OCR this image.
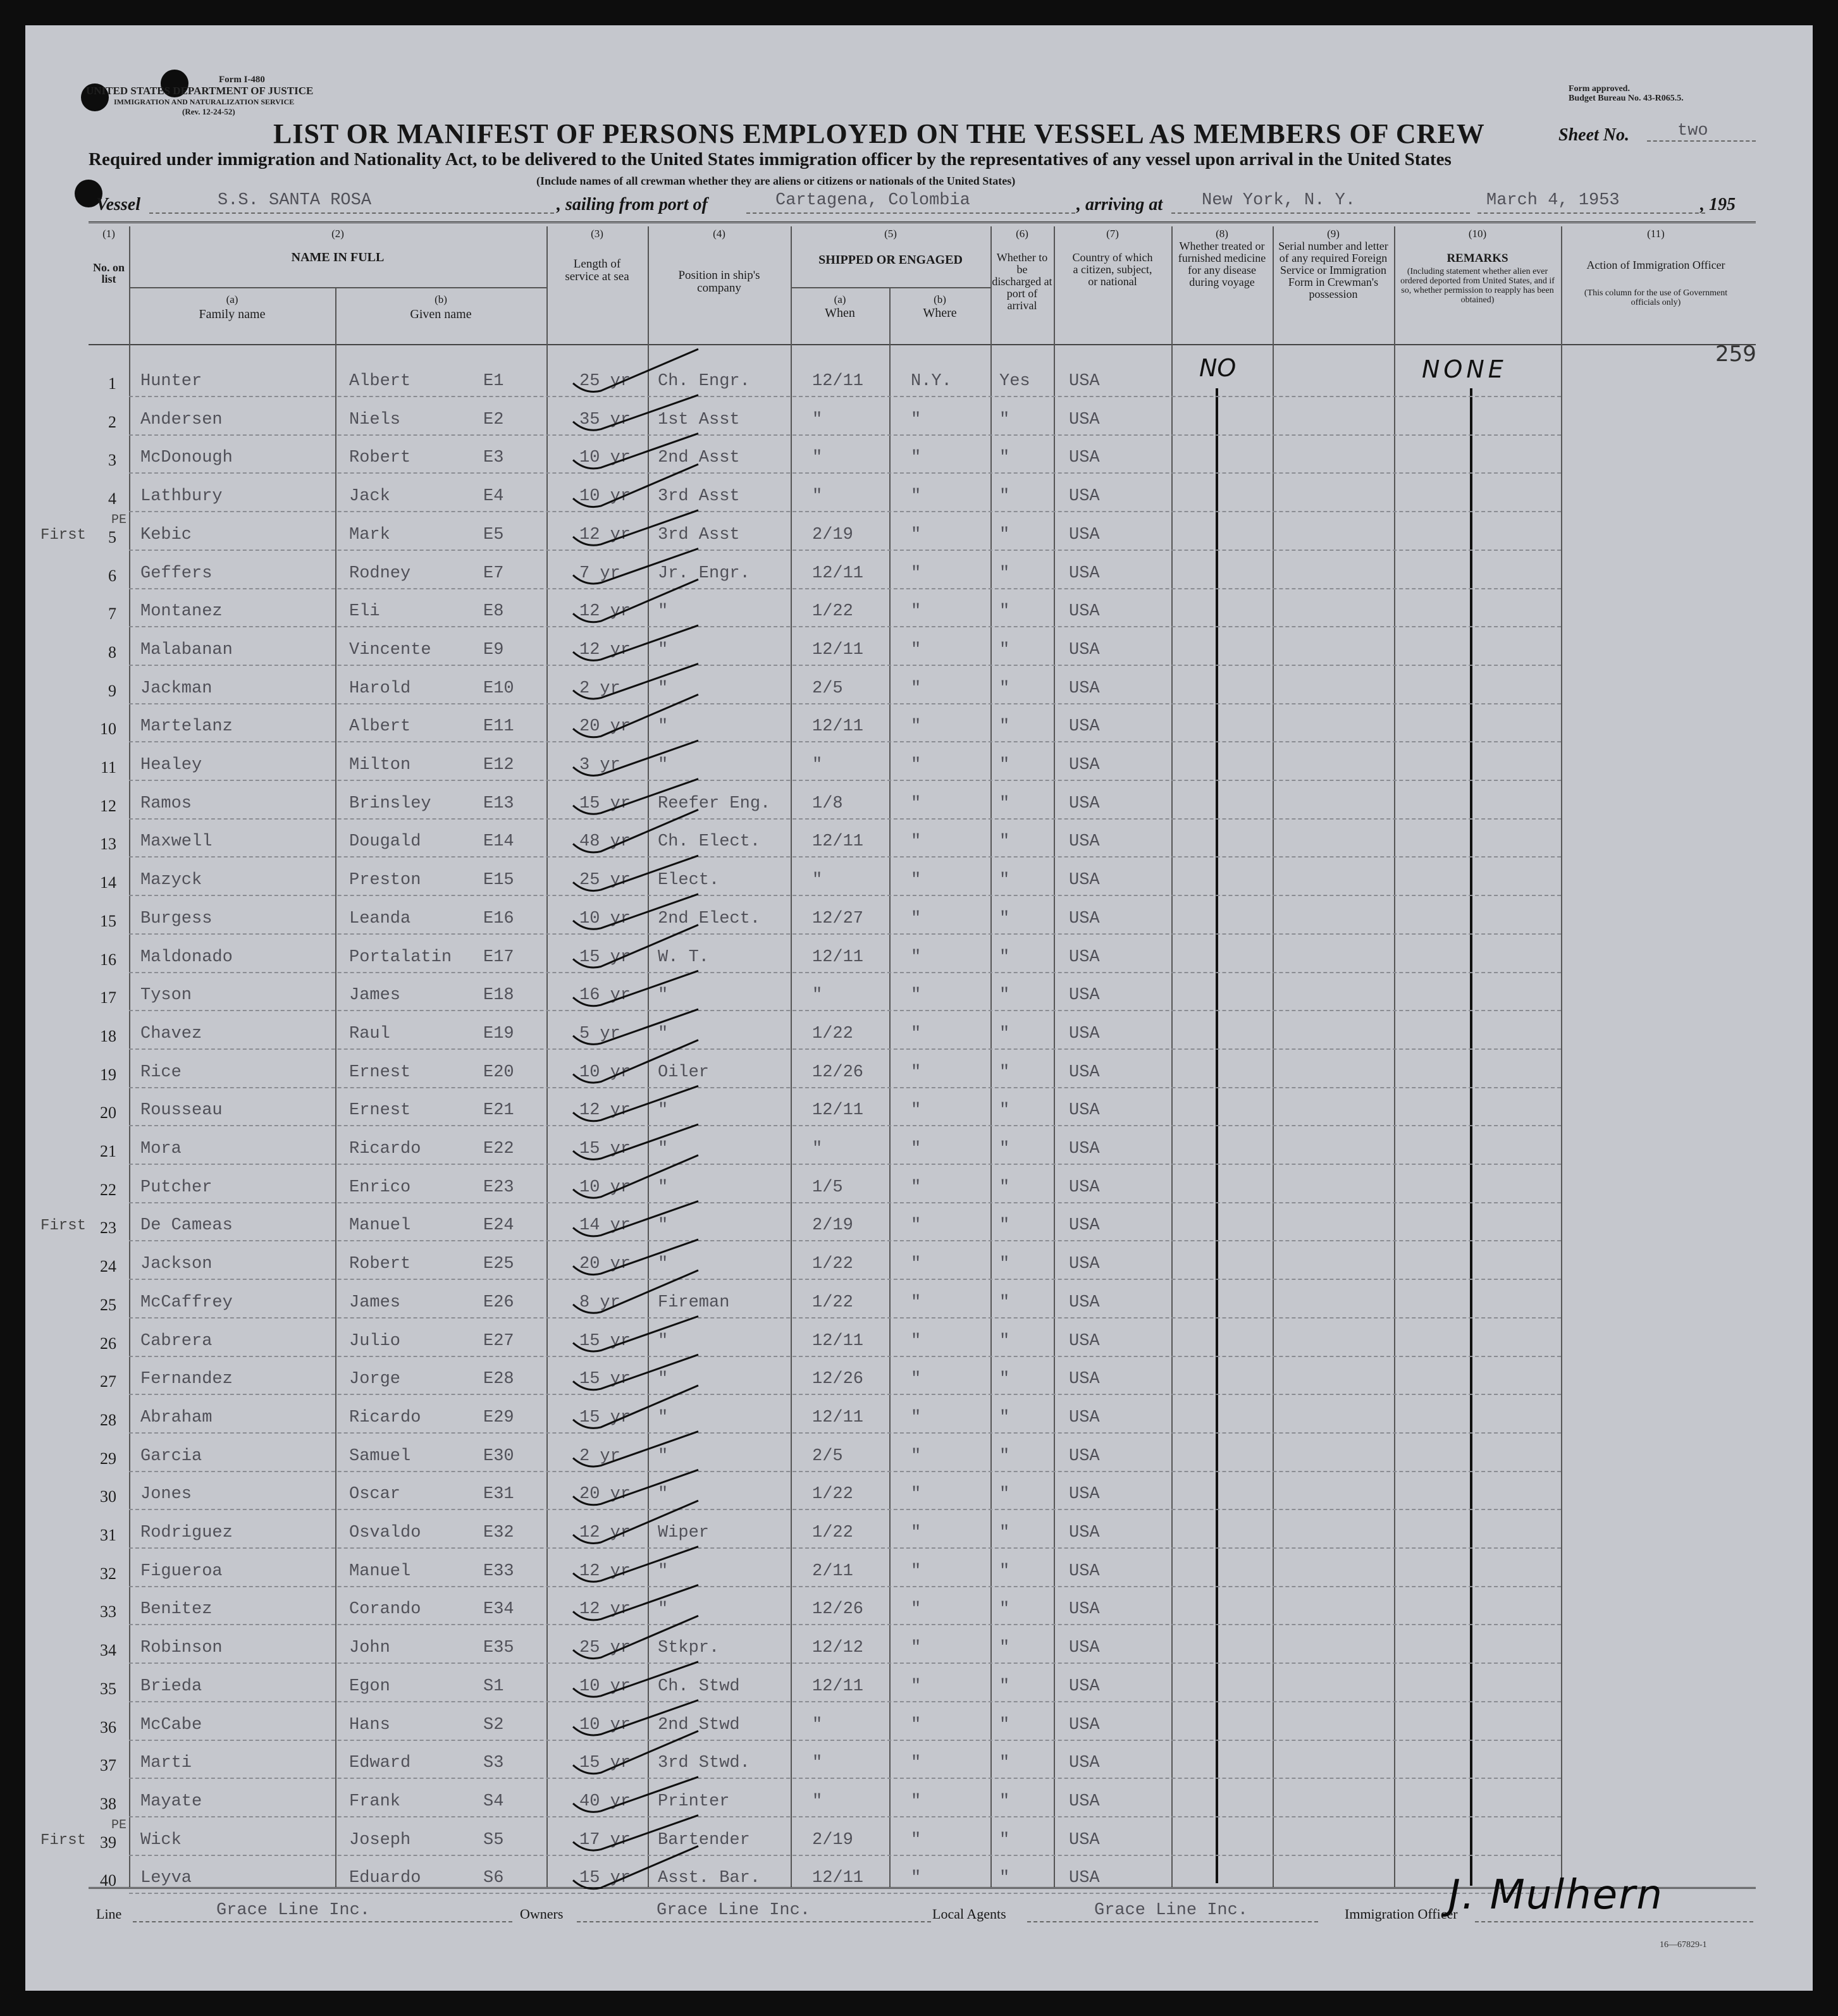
Form I-480
UNITED STATES DEPARTMENT OF JUSTICE
IMMIGRATION AND NATURALIZATION SERVICE
(Rev. 12-24-52)
Form approved.
Budget Bureau No. 43-R065.5.
LIST OR MANIFEST OF PERSONS EMPLOYED ON THE VESSEL AS MEMBERS OF CREW	Sheet No.	two
Required under immigration and Nationality Act, to be delivered to the United States immigration officer by the representatives of any vessel upon arrival in the United States
(Include names of all crewman whether they are aliens or citizens or nationals of the United States)
Vessel	S.S. SANTA ROSA	, sailing from port of	Cartagena, Colombia	, arriving at New York, N. Y.	March 4, 1953	, 195
(1)
No. on list
(2)
NAME IN FULL
(a)
Family name
(b)
Given name
(3)
Length of service at sea
(4)
Position in ship's company
(5)
SHIPPED OR ENGAGED
(a)
When
(b)
Where
(6)
Whether to be discharged at port of arrival
(7)
Country of which a citizen, subject, or national
(8)
Whether treated or furnished medicine for any disease during voyage
(9)
Serial number and letter of any required Foreign Service or Immigration Form in Crewman's possession
(10)
REMARKS
(Including statement whether alien ever ordered deported from United States, and if so, whether permission to reapply has been obtained)
(11)
Action of Immigration Officer
(This column for the use of Government officials only)
259
NO	NONE
1 Hunter	Albert	E1	25 yr Ch. Engr.	12/11	N.Y.	Yes USA
2 Andersen	Niels	E2	35 yr 1st Asst	"	"	"	USA
3 McDonough	Robert	E3	10 yr 2nd Asst	"	"	"	USA
4 Lathbury	Jack	E4	10 yr 3rd Asst	"	"	"	USA
5 Kebic	Mark	E5	12 yr 3rd Asst	2/19	"	"	USA
6 Geffers	Rodney	E7	7 yr Jr. Engr.	12/11	"	"	USA
7 Montanez	Eli	E8	12 yr "	1/22	"	"	USA
8 Malabanan	Vincente	E9	12 yr "	12/11	"	"	USA
9 Jackman	Harold	E10	2 yr "	2/5	"	"	USA
10 Martelanz	Albert	E11	20 yr "	12/11	"	"	USA
11 Healey	Milton	E12	3 yr "	"	"	"	USA
12 Ramos	Brinsley	E13	15 yr Reefer Eng. 1/8	"	"	USA
13 Maxwell	Dougald	E14	48 yr Ch. Elect.	12/11	"	"	USA
14 Mazyck	Preston	E15	25 yr Elect.	"	"	"	USA
15 Burgess	Leanda	E16	10 yr 2nd Elect.	12/27	"	"	USA
16 Maldonado	Portalatin E17	15 yr W. T.	12/11	"	"	USA
17 Tyson	James	E18	16 yr "	"	"	"	USA
18 Chavez	Raul	E19	5 yr "	1/22	"	"	USA
19 Rice	Ernest	E20	10 yr Oiler	12/26	"	"	USA
20 Rousseau	Ernest	E21	12 yr "	12/11	"	"	USA
21 Mora	Ricardo	E22	15 yr "	"	"	"	USA
22 Putcher	Enrico	E23	10 yr "	1/5	"	"	USA
23 De Cameas	Manuel	E24	14 yr "	2/19	"	"	USA
24 Jackson	Robert	E25	20 yr "	1/22	"	"	USA
25 McCaffrey	James	E26	8 yr Fireman	1/22	"	"	USA
26 Cabrera	Julio	E27	15 yr "	12/11	"	"	USA
27 Fernandez	Jorge	E28	15 yr "	12/26	"	"	USA
28 Abraham	Ricardo	E29	15 yr "	12/11	"	"	USA
29 Garcia	Samuel	E30	2 yr "	2/5	"	"	USA
30 Jones	Oscar	E31	20 yr "	1/22	"	"	USA
31 Rodriguez	Osvaldo	E32	12 yr Wiper	1/22	"	"	USA
32 Figueroa	Manuel	E33	12 yr "	2/11	"	"	USA
33 Benitez	Corando	E34	12 yr "	12/26	"	"	USA
34 Robinson	John	E35	25 yr Stkpr.	12/12	"	"	USA
35 Brieda	Egon	S1	10 yr Ch. Stwd	12/11	"	"	USA
36 McCabe	Hans	S2	10 yr 2nd Stwd	"	"	"	USA
37 Marti	Edward	S3	15 yr 3rd Stwd.	"	"	"	USA
38 Mayate	Frank	S4	40 yr Printer	"	"	"	USA
39 Wick	Joseph	S5	17 yr Bartender	2/19	"	"	USA
40 Leyva	Eduardo	S6	15 yr Asst. Bar.	12/11	"	"	USA
PE
First
First
First
PE
Line	Grace Line Inc.	Owners	Grace Line Inc.	Local Agents	Grace Line Inc.	Immigration Officer
J. Mulhern
16—67829-1
